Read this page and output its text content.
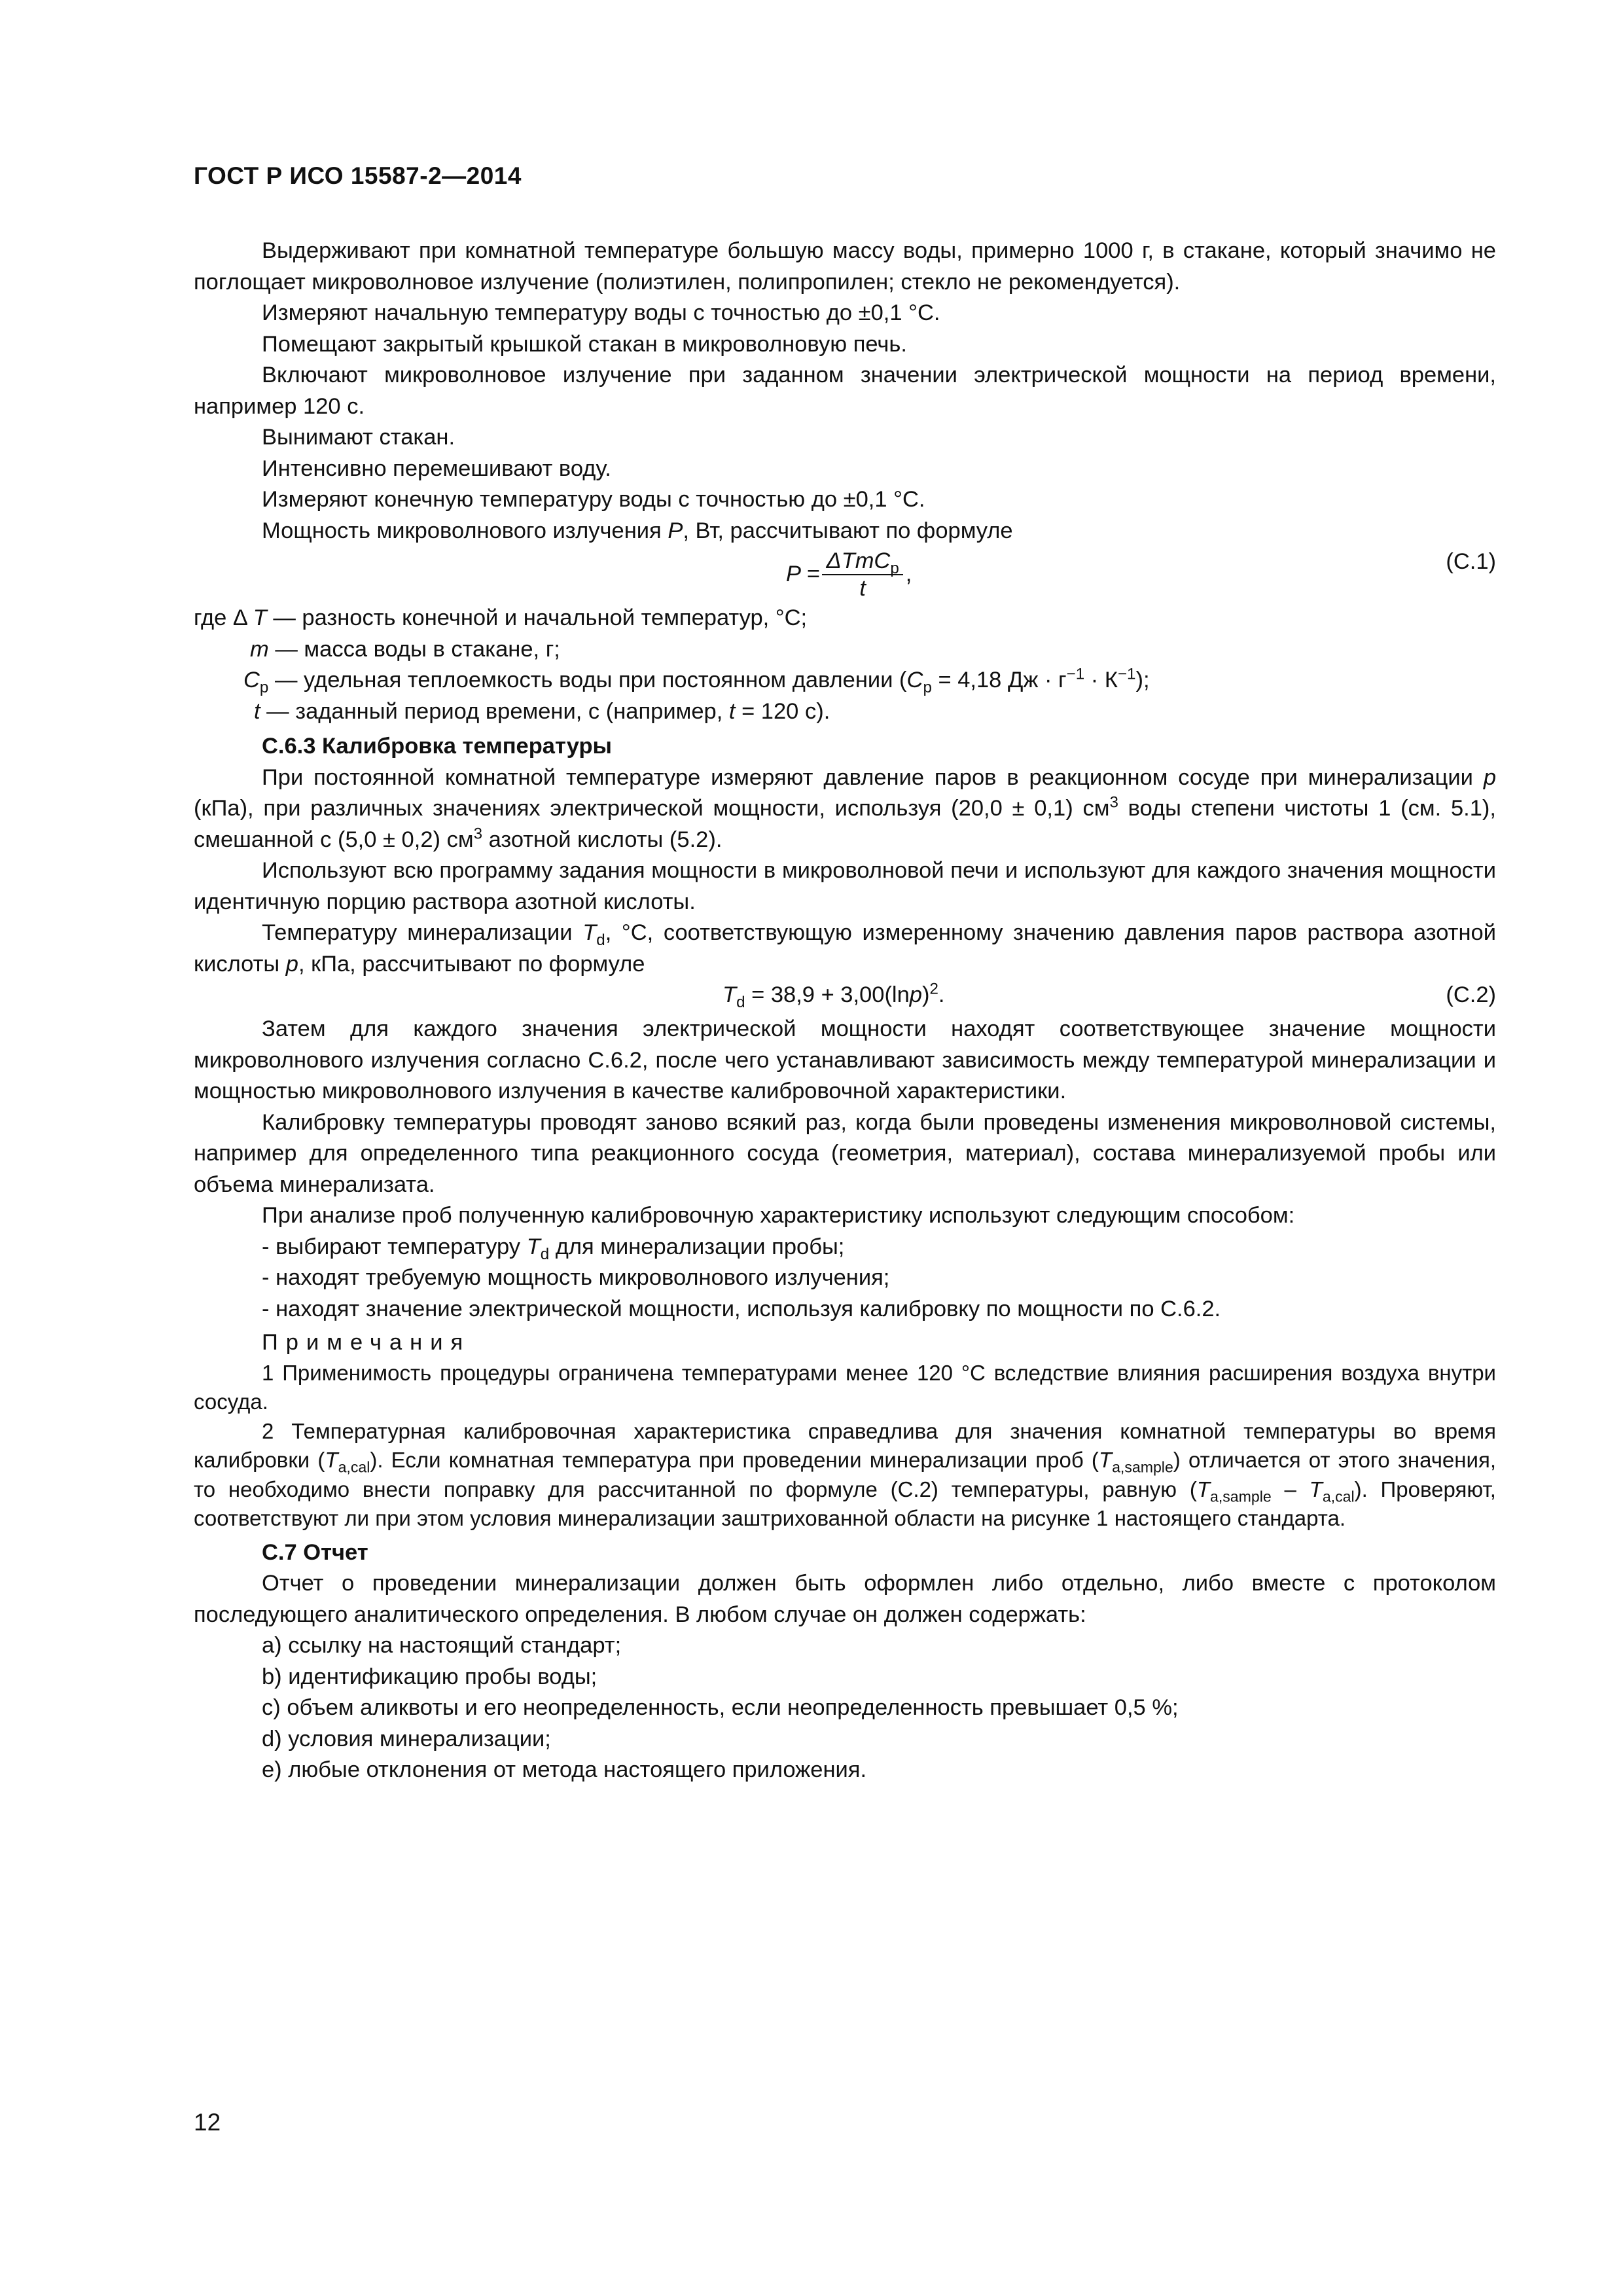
ГОСТ Р ИСО 15587-2—2014

Выдерживают при комнатной температуре большую массу воды, примерно 1000 г, в стакане, который значимо не поглощает микроволновое излучение (полиэтилен, полипропилен; стекло не рекомендуется).

Измеряют начальную температуру воды с точностью до ±0,1 °С.

Помещают закрытый крышкой стакан в микроволновую печь.

Включают микроволновое излучение при заданном значении электрической мощности на период времени, например 120 с.

Вынимают стакан.

Интенсивно перемешивают воду.

Измеряют конечную температуру воды с точностью до ±0,1 °С.

Мощность микроволнового излучения P, Вт, рассчитывают по формуле

$P = \frac{\Delta TmC_p}{t}$ ,
(С.1)

где Δ T — разность конечной и начальной температур, °С;

m — масса воды в стакане, г;

$C_p$ — удельная теплоемкость воды при постоянном давлении ($C_p = 4,18$ Дж · $г^{-1} \cdot К^{-1}$);

t — заданный период времени, с (например, t = 120 с).

С.6.3 Калибровка температуры

При постоянной комнатной температуре измеряют давление паров в реакционном сосуде при минерализации p (кПа), при различных значениях электрической мощности, используя (20,0 ± 0,1) $см^3$ воды степени чистоты 1 (см. 5.1), смешанной с (5,0 ± 0,2) $см^3$ азотной кислоты (5.2).

Используют всю программу задания мощности в микроволновой печи и используют для каждого значения мощности идентичную порцию раствора азотной кислоты.

Температуру минерализации $T_d$, °С, соответствующую измеренному значению давления паров раствора азотной кислоты p, кПа, рассчитывают по формуле

$T_d = 38,9 + 3,00(\ln p)^2$.	(С.2)

Затем для каждого значения электрической мощности находят соответствующее значение мощности микроволнового излучения согласно С.6.2, после чего устанавливают зависимость между температурой минерализации и мощностью микроволнового излучения в качестве калибровочной характеристики.

Калибровку температуры проводят заново всякий раз, когда были проведены изменения микроволновой системы, например для определенного типа реакционного сосуда (геометрия, материал), состава минерализуемой пробы или объема минерализата.

При анализе проб полученную калибровочную характеристику используют следующим способом:

- выбирают температуру $T_d$ для минерализации пробы;

- находят требуемую мощность микроволнового излучения;

- находят значение электрической мощности, используя калибровку по мощности по С.6.2.

Примечания

1 Применимость процедуры ограничена температурами менее 120 °С вследствие влияния расширения воздуха внутри сосуда.

2 Температурная калибровочная характеристика справедлива для значения комнатной температуры во время калибровки $(T_{a,cal})$. Если комнатная температура при проведении минерализации проб $(T_{a,sample})$ отличается от этого значения, то необходимо внести поправку для рассчитанной по формуле (С.2) температуры, равную $(T_{a,sample} - T_{a,cal})$. Проверяют, соответствуют ли при этом условия минерализации заштрихованной области на рисунке 1 настоящего стандарта.

С.7 Отчет

Отчет о проведении минерализации должен быть оформлен либо отдельно, либо вместе с протоколом последующего аналитического определения. В любом случае он должен содержать:

a) ссылку на настоящий стандарт;

b) идентификацию пробы воды;

c) объем аликвоты и его неопределенность, если неопределенность превышает 0,5 %;

d) условия минерализации;

e) любые отклонения от метода настоящего приложения.

12
